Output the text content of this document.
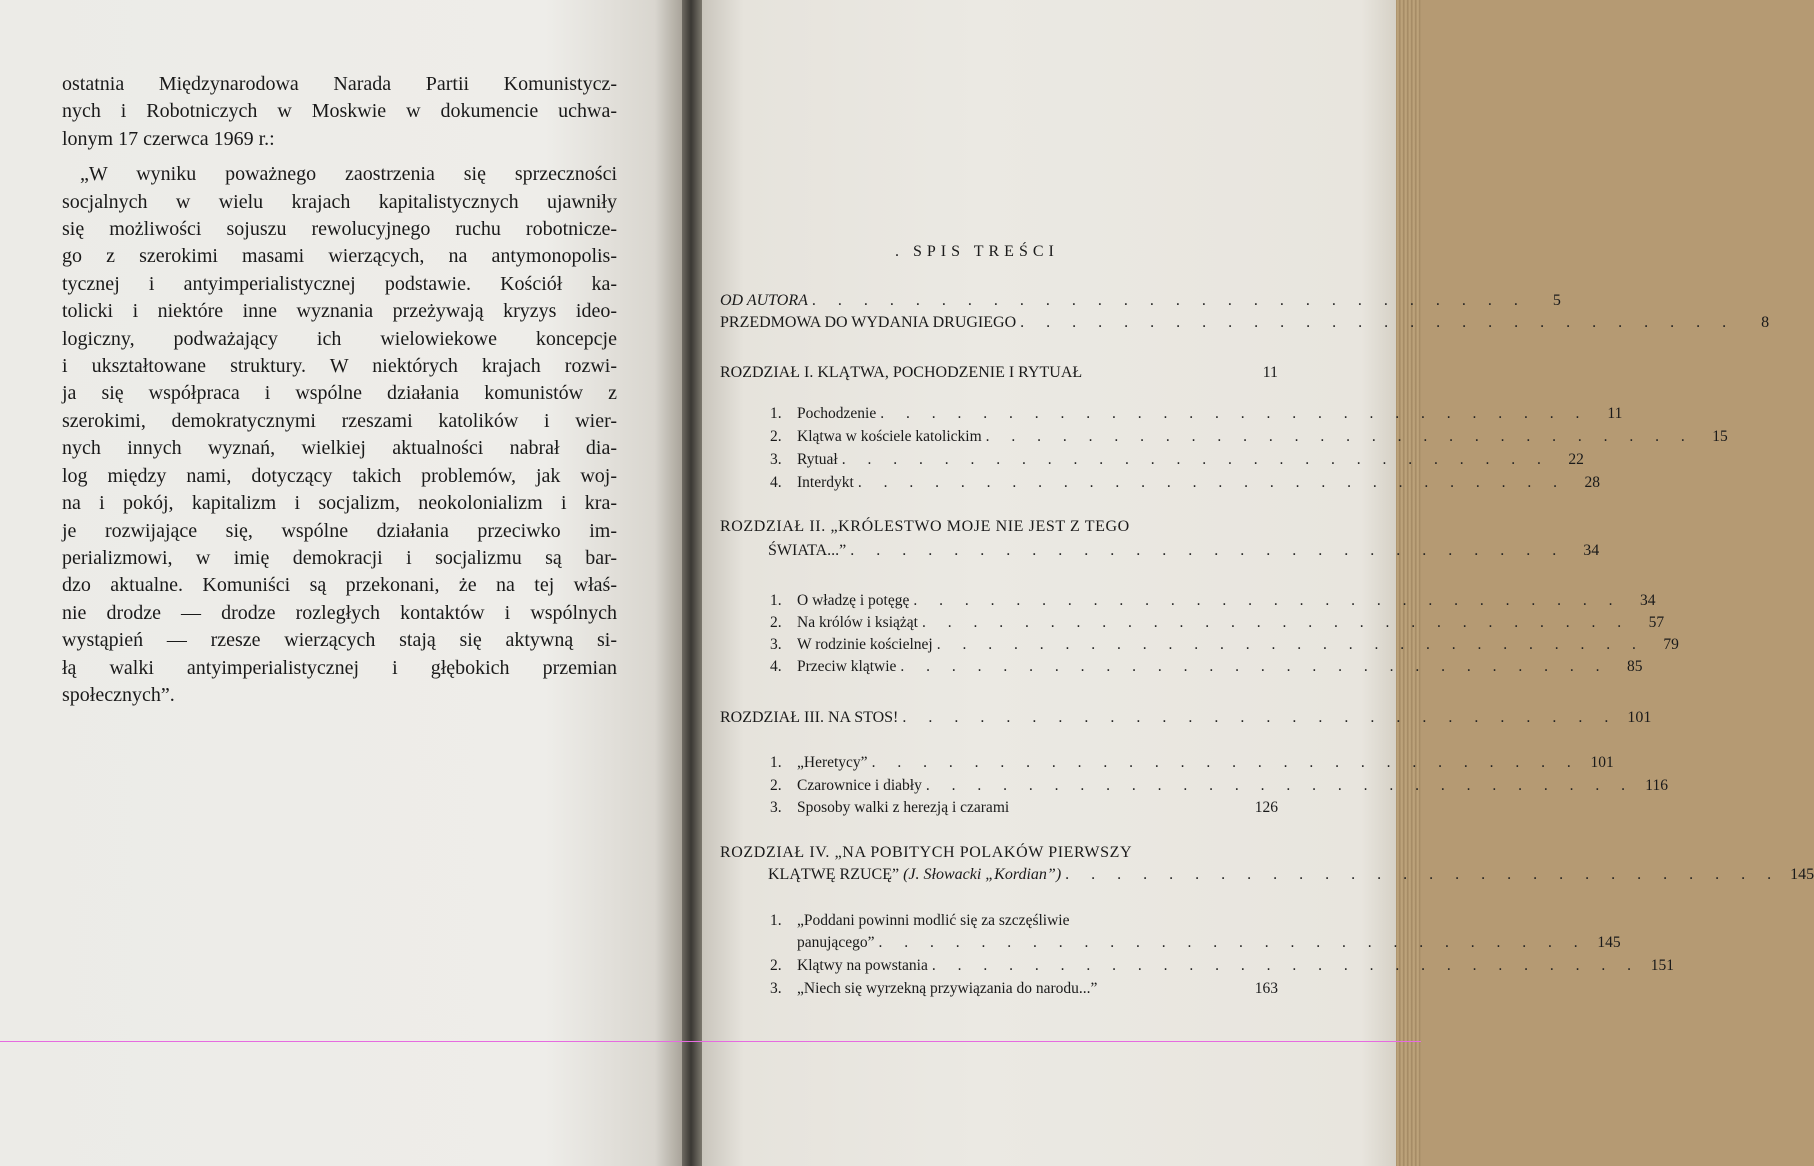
ostatnia Międzynarodowa Narada Partii Komunistycz-
nych i Robotniczych w Moskwie w dokumencie uchwa-
lonym 17 czerwca 1969 r.:
„W wyniku poważnego zaostrzenia się sprzeczności
socjalnych w wielu krajach kapitalistycznych ujawniły
się możliwości sojuszu rewolucyjnego ruchu robotnicze-
go z szerokimi masami wierzących, na antymonopolis-
tycznej i antyimperialistycznej podstawie. Kościół ka-
tolicki i niektóre inne wyznania przeżywają kryzys ideo-
logiczny, podważający ich wielowiekowe koncepcje
i ukształtowane struktury. W niektórych krajach rozwi-
ja się współpraca i wspólne działania komunistów z
szerokimi, demokratycznymi rzeszami katolików i wier-
nych innych wyznań, wielkiej aktualności nabrał dia-
log między nami, dotyczący takich problemów, jak woj-
na i pokój, kapitalizm i socjalizm, neokolonializm i kra-
je rozwijające się, wspólne działania przeciwko im-
perializmowi, w imię demokracji i socjalizmu są bar-
dzo aktualne. Komuniści są przekonani, że na tej właś-
nie drodze — drodze rozległych kontaktów i wspólnych
wystąpień — rzesze wierzących stają się aktywną si-
łą walki antyimperialistycznej i głębokich przemian
społecznych”.
. SPIS TREŚCI
OD AUTORA . . . . . . . . . . . . . . . . . . . . . . . . . . . .	5
PRZEDMOWA DO WYDANIA DRUGIEGO . . . . . . . . . . . . . . . . . . . . . . . . . . . .	8
ROZDZIAŁ I. KLĄTWA, POCHODZENIE I RYTUAŁ	11
1. Pochodzenie . . . . . . . . . . . . . . . . . . . . . . . . . . . .	11
2. Klątwa w kościele katolickim . . . . . . . . . . . . . . . . . . . . . . . . . . . .	15
3. Rytuał . . . . . . . . . . . . . . . . . . . . . . . . . . . .	22
4. Interdykt . . . . . . . . . . . . . . . . . . . . . . . . . . . .	28
ROZDZIAŁ II. „KRÓLESTWO MOJE NIE JEST Z TEGO
ŚWIATA...” . . . . . . . . . . . . . . . . . . . . . . . . . . . .	34
1. O władzę i potęgę . . . . . . . . . . . . . . . . . . . . . . . . . . . .	34
2. Na królów i książąt . . . . . . . . . . . . . . . . . . . . . . . . . . . .	57
3. W rodzinie kościelnej . . . . . . . . . . . . . . . . . . . . . . . . . . . .	79
4. Przeciw klątwie . . . . . . . . . . . . . . . . . . . . . . . . . . . .	85
ROZDZIAŁ III. NA STOS! . . . . . . . . . . . . . . . . . . . . . . . . . . . . 101
1. „Heretycy” . . . . . . . . . . . . . . . . . . . . . . . . . . . . 101
2. Czarownice i diabły . . . . . . . . . . . . . . . . . . . . . . . . . . . . 116
3. Sposoby walki z herezją i czarami	126
ROZDZIAŁ IV. „NA POBITYCH POLAKÓW PIERWSZY
KLĄTWĘ RZUCĘ” (J. Słowacki „Kordian”) . . . . . . . . . . . . . . . . . . . . . . . . . . . . 145
1. „Poddani powinni modlić się za szczęśliwie
panującego” . . . . . . . . . . . . . . . . . . . . . . . . . . . . 145
2. Klątwy na powstania . . . . . . . . . . . . . . . . . . . . . . . . . . . . 151
3. „Niech się wyrzekną przywiązania do narodu...”	163
